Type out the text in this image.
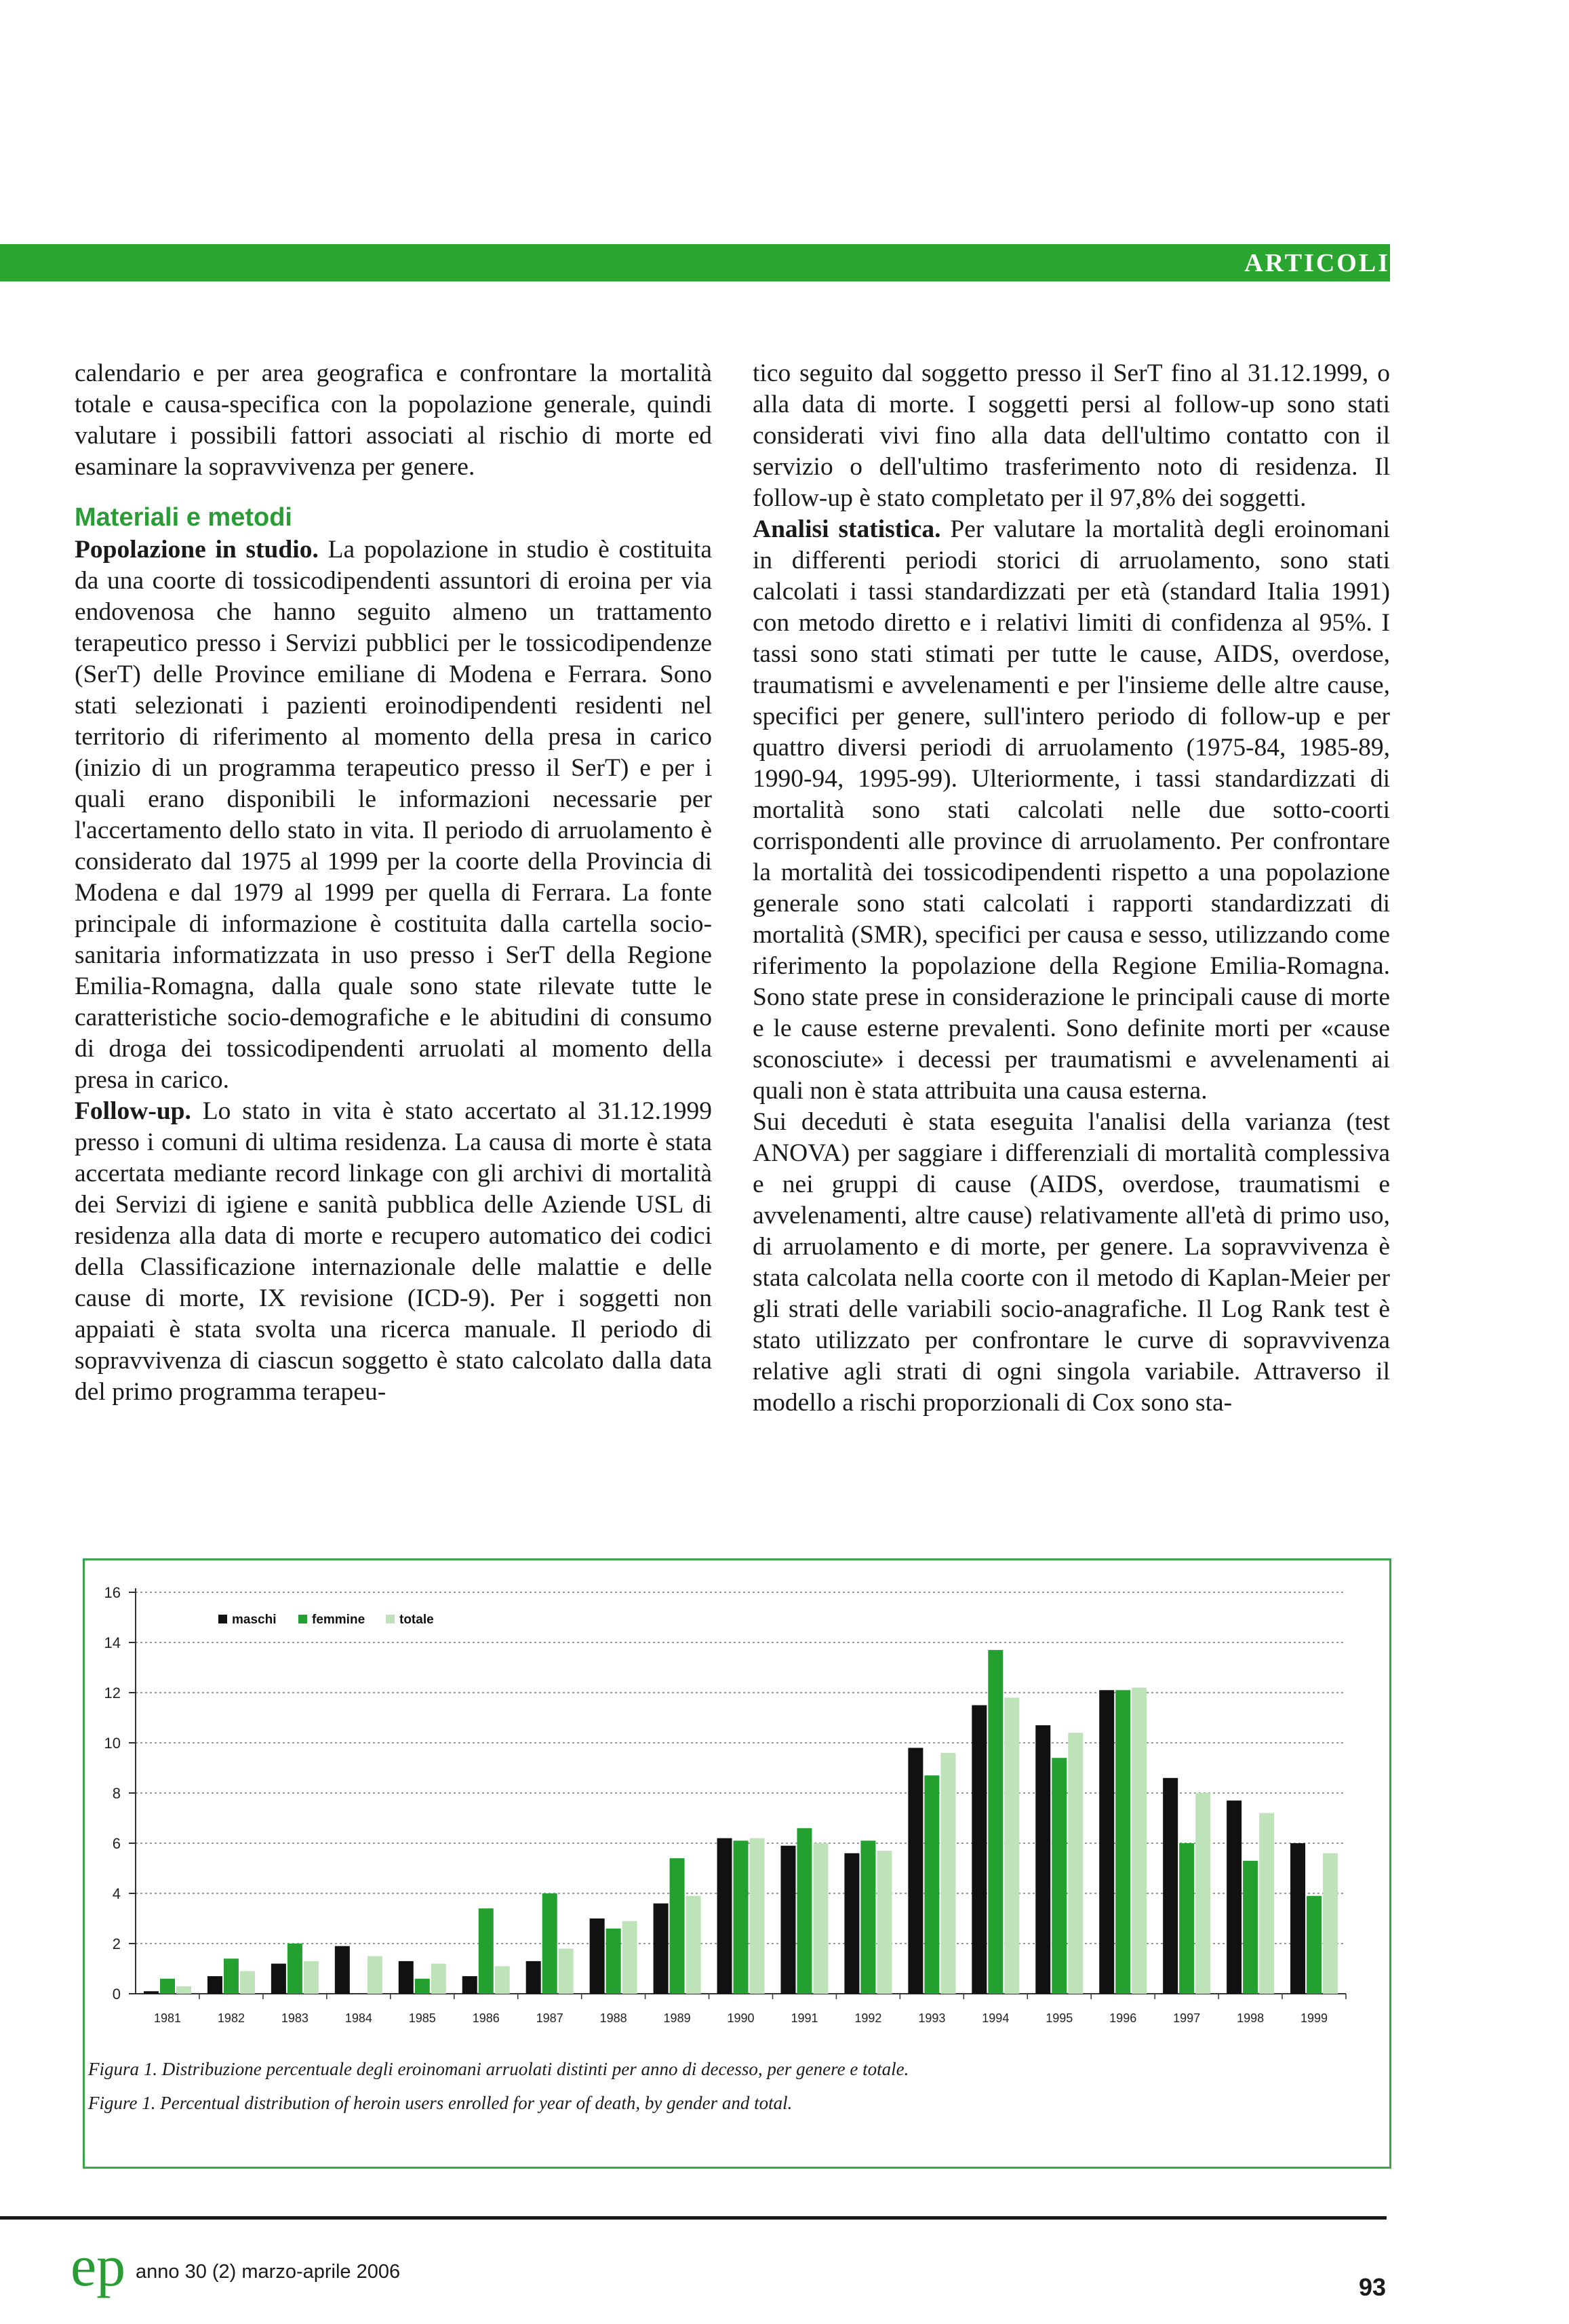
ARTICOLI

calendario e per area geografica e confrontare la mortalità totale e causa-specifica con la popolazione generale, quindi valutare i possibili fattori associati al rischio di morte ed esaminare la sopravvivenza per genere.

Materiali e metodi

Popolazione in studio. La popolazione in studio è costituita da una coorte di tossicodipendenti assuntori di eroina per via endovenosa che hanno seguito almeno un trattamento terapeutico presso i Servizi pubblici per le tossicodipendenze (SerT) delle Province emiliane di Modena e Ferrara. Sono stati selezionati i pazienti eroinodipendenti residenti nel territorio di riferimento al momento della presa in carico (inizio di un programma terapeutico presso il SerT) e per i quali erano disponibili le informazioni necessarie per l'accertamento dello stato in vita. Il periodo di arruolamento è considerato dal 1975 al 1999 per la coorte della Provincia di Modena e dal 1979 al 1999 per quella di Ferrara. La fonte principale di informazione è costituita dalla cartella socio-sanitaria informatizzata in uso presso i SerT della Regione Emilia-Romagna, dalla quale sono state rilevate tutte le caratteristiche socio-demografiche e le abitudini di consumo di droga dei tossicodipendenti arruolati al momento della presa in carico.

Follow-up. Lo stato in vita è stato accertato al 31.12.1999 presso i comuni di ultima residenza. La causa di morte è stata accertata mediante record linkage con gli archivi di mortalità dei Servizi di igiene e sanità pubblica delle Aziende USL di residenza alla data di morte e recupero automatico dei codici della Classificazione internazionale delle malattie e delle cause di morte, IX revisione (ICD-9). Per i soggetti non appaiati è stata svolta una ricerca manuale. Il periodo di sopravvivenza di ciascun soggetto è stato calcolato dalla data del primo programma terapeu-

tico seguito dal soggetto presso il SerT fino al 31.12.1999, o alla data di morte. I soggetti persi al follow-up sono stati considerati vivi fino alla data dell'ultimo contatto con il servizio o dell'ultimo trasferimento noto di residenza. Il follow-up è stato completato per il 97,8% dei soggetti.

Analisi statistica. Per valutare la mortalità degli eroinomani in differenti periodi storici di arruolamento, sono stati calcolati i tassi standardizzati per età (standard Italia 1991) con metodo diretto e i relativi limiti di confidenza al 95%. I tassi sono stati stimati per tutte le cause, AIDS, overdose, traumatismi e avvelenamenti e per l'insieme delle altre cause, specifici per genere, sull'intero periodo di follow-up e per quattro diversi periodi di arruolamento (1975-84, 1985-89, 1990-94, 1995-99). Ulteriormente, i tassi standardizzati di mortalità sono stati calcolati nelle due sotto-coorti corrispondenti alle province di arruolamento. Per confrontare la mortalità dei tossicodipendenti rispetto a una popolazione generale sono stati calcolati i rapporti standardizzati di mortalità (SMR), specifici per causa e sesso, utilizzando come riferimento la popolazione della Regione Emilia-Romagna. Sono state prese in considerazione le principali cause di morte e le cause esterne prevalenti. Sono definite morti per «cause sconosciute» i decessi per traumatismi e avvelenamenti ai quali non è stata attribuita una causa esterna.

Sui deceduti è stata eseguita l'analisi della varianza (test ANOVA) per saggiare i differenziali di mortalità complessiva e nei gruppi di cause (AIDS, overdose, traumatismi e avvelenamenti, altre cause) relativamente all'età di primo uso, di arruolamento e di morte, per genere. La sopravvivenza è stata calcolata nella coorte con il metodo di Kaplan-Meier per gli strati delle variabili socio-anagrafiche. Il Log Rank test è stato utilizzato per confrontare le curve di sopravvivenza relative agli strati di ogni singola variabile. Attraverso il modello a rischi proporzionali di Cox sono sta-

0
2
4
6
8
10
12
14
16
1981	1982	1983	1984	1985	1986	1987	1988	1989	1990	1991	1992	1993	1994	1995	1996	1997	1998	1999
maschi	femmine	totale
Figura 1. Distribuzione percentuale degli eroinomani arruolati distinti per anno di decesso, per genere e totale.
Figure 1. Percentual distribution of heroin users enrolled for year of death, by gender and total.
ep anno 30 (2) marzo-aprile 2006
93
